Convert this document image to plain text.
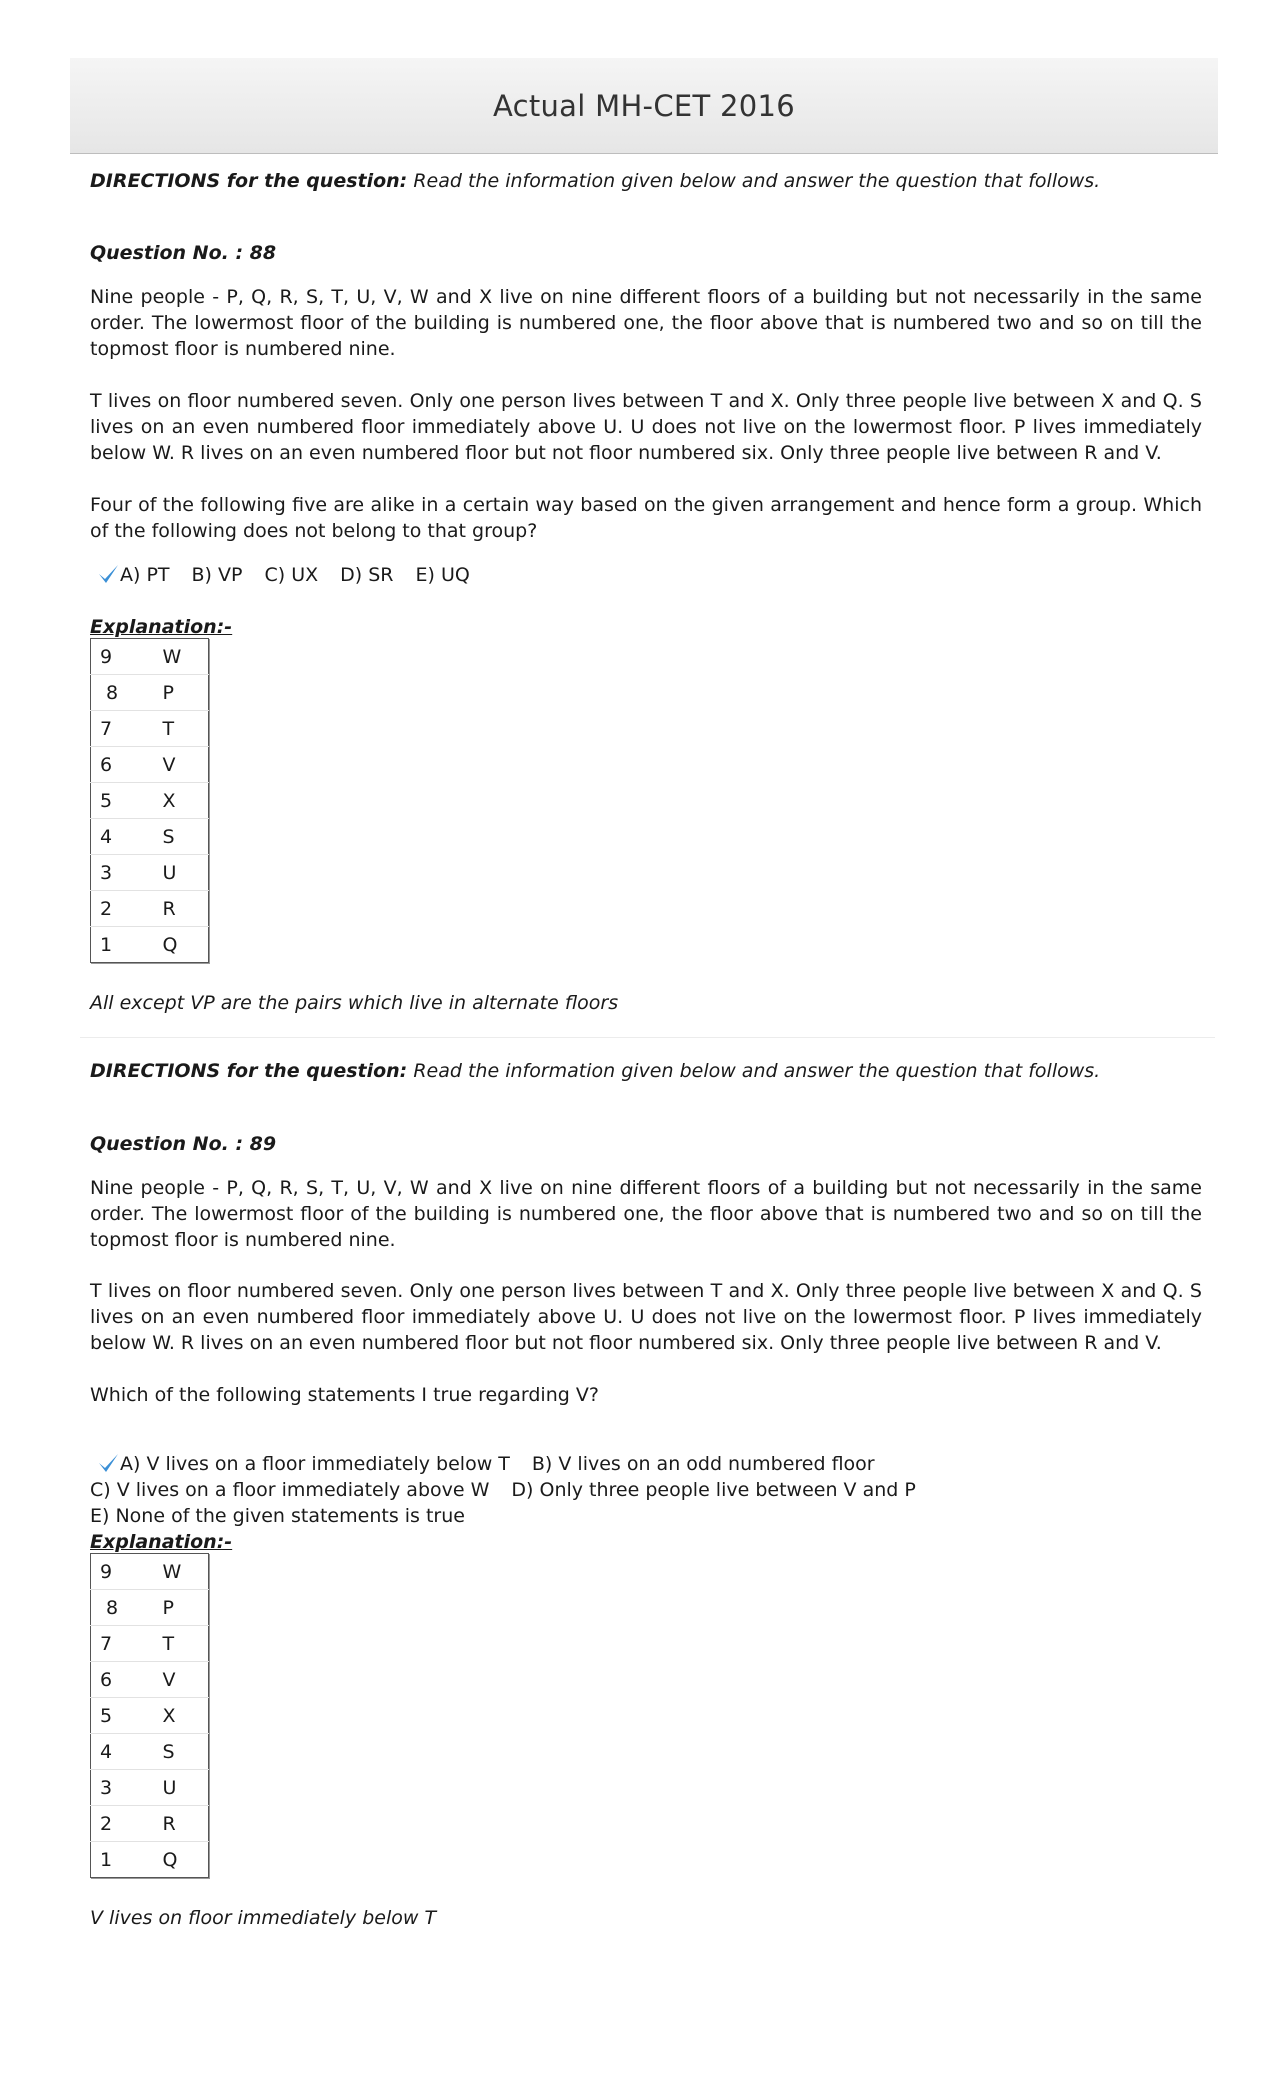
Actual MH-CET 2016
DIRECTIONS for the question: Read the information given below and answer the question that follows.
Question No. : 88
Nine people - P, Q, R, S, T, U, V, W and X live on nine different floors of a building but not necessarily in the same order. The lowermost floor of the building is numbered one, the floor above that is numbered two and so on till the topmost floor is numbered nine.
T lives on floor numbered seven. Only one person lives between T and X. Only three people live between X and Q. S lives on an even numbered floor immediately above U. U does not live on the lowermost floor. P lives immediately below W. R lives on an even numbered floor but not floor numbered six. Only three people live between R and V.
Four of the following five are alike in a certain way based on the given arrangement and hence form a group. Which of the following does not belong to that group?
A) PT B) VP C) UX D) SR E) UQ
Explanation:-
9	W
8	P
7	T
6	V
5	X
4	S
3	U
2	R
1	Q
All except VP are the pairs which live in alternate floors
DIRECTIONS for the question: Read the information given below and answer the question that follows.
Question No. : 89
Nine people - P, Q, R, S, T, U, V, W and X live on nine different floors of a building but not necessarily in the same order. The lowermost floor of the building is numbered one, the floor above that is numbered two and so on till the topmost floor is numbered nine.
T lives on floor numbered seven. Only one person lives between T and X. Only three people live between X and Q. S lives on an even numbered floor immediately above U. U does not live on the lowermost floor. P lives immediately below W. R lives on an even numbered floor but not floor numbered six. Only three people live between R and V.
Which of the following statements I true regarding V?
A) V lives on a floor immediately below T B) V lives on an odd numbered floor
C) V lives on a floor immediately above W D) Only three people live between V and P
E) None of the given statements is true
Explanation:-
9	W
8	P
7	T
6	V
5	X
4	S
3	U
2	R
1	Q
V lives on floor immediately below T
